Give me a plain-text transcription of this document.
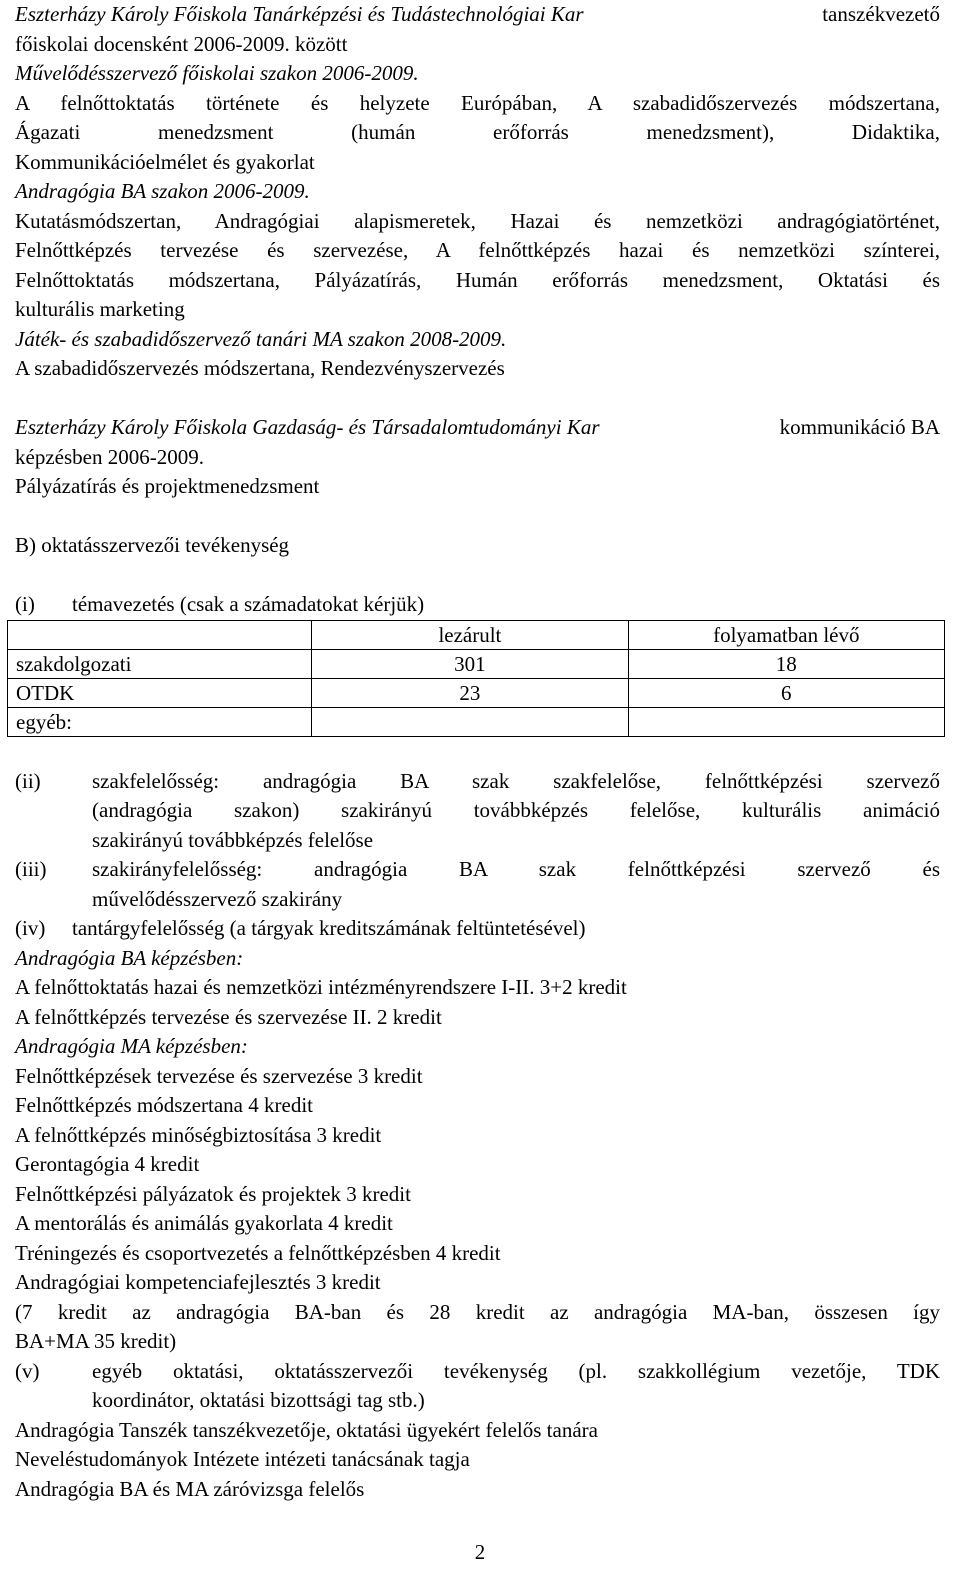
Eszterházy Károly Főiskola Tanárképzési és Tudástechnológiai Kar	tanszékvezető
főiskolai docensként 2006-2009. között
Művelődésszervező főiskolai szakon 2006-2009.
A felnőttoktatás története és helyzete Európában, A szabadidőszervezés módszertana,
Ágazati menedzsment (humán erőforrás menedzsment), Didaktika,
Kommunikációelmélet és gyakorlat
Andragógia BA szakon 2006-2009.
Kutatásmódszertan, Andragógiai alapismeretek, Hazai és nemzetközi andragógiatörténet,
Felnőttképzés tervezése és szervezése, A felnőttképzés hazai és nemzetközi színterei,
Felnőttoktatás módszertana, Pályázatírás, Humán erőforrás menedzsment, Oktatási és
kulturális marketing
Játék- és szabadidőszervező tanári MA szakon 2008-2009.
A szabadidőszervezés módszertana, Rendezvényszervezés
Eszterházy Károly Főiskola Gazdaság- és Társadalomtudományi Kar	kommunikáció BA
képzésben 2006-2009.
Pályázatírás és projektmenedzsment
B) oktatásszervezői tevékenység
(i) témavezetés (csak a számadatokat kérjük)
	lezárult	folyamatban lévő
szakdolgozati	301	18
OTDK	23	6
egyéb:		
(ii)	szakfelelősség: andragógia BA szak szakfelelőse, felnőttképzési szervező
(andragógia szakon) szakirányú továbbképzés felelőse, kulturális animáció
szakirányú továbbképzés felelőse
(iii)	szakirányfelelősség: andragógia BA szak felnőttképzési szervező és
művelődésszervező szakirány
(iv) tantárgyfelelősség (a tárgyak kreditszámának feltüntetésével)
Andragógia BA képzésben:
A felnőttoktatás hazai és nemzetközi intézményrendszere I-II. 3+2 kredit
A felnőttképzés tervezése és szervezése II. 2 kredit
Andragógia MA képzésben:
Felnőttképzések tervezése és szervezése 3 kredit
Felnőttképzés módszertana 4 kredit
A felnőttképzés minőségbiztosítása 3 kredit
Gerontagógia 4 kredit
Felnőttképzési pályázatok és projektek 3 kredit
A mentorálás és animálás gyakorlata 4 kredit
Tréningezés és csoportvezetés a felnőttképzésben 4 kredit
Andragógiai kompetenciafejlesztés 3 kredit
(7 kredit az andragógia BA-ban és 28 kredit az andragógia MA-ban, összesen így
BA+MA 35 kredit)
(v)	egyéb oktatási, oktatásszervezői tevékenység (pl. szakkollégium vezetője, TDK
koordinátor, oktatási bizottsági tag stb.)
Andragógia Tanszék tanszékvezetője, oktatási ügyekért felelős tanára
Neveléstudományok Intézete intézeti tanácsának tagja
Andragógia BA és MA záróvizsga felelős
2
